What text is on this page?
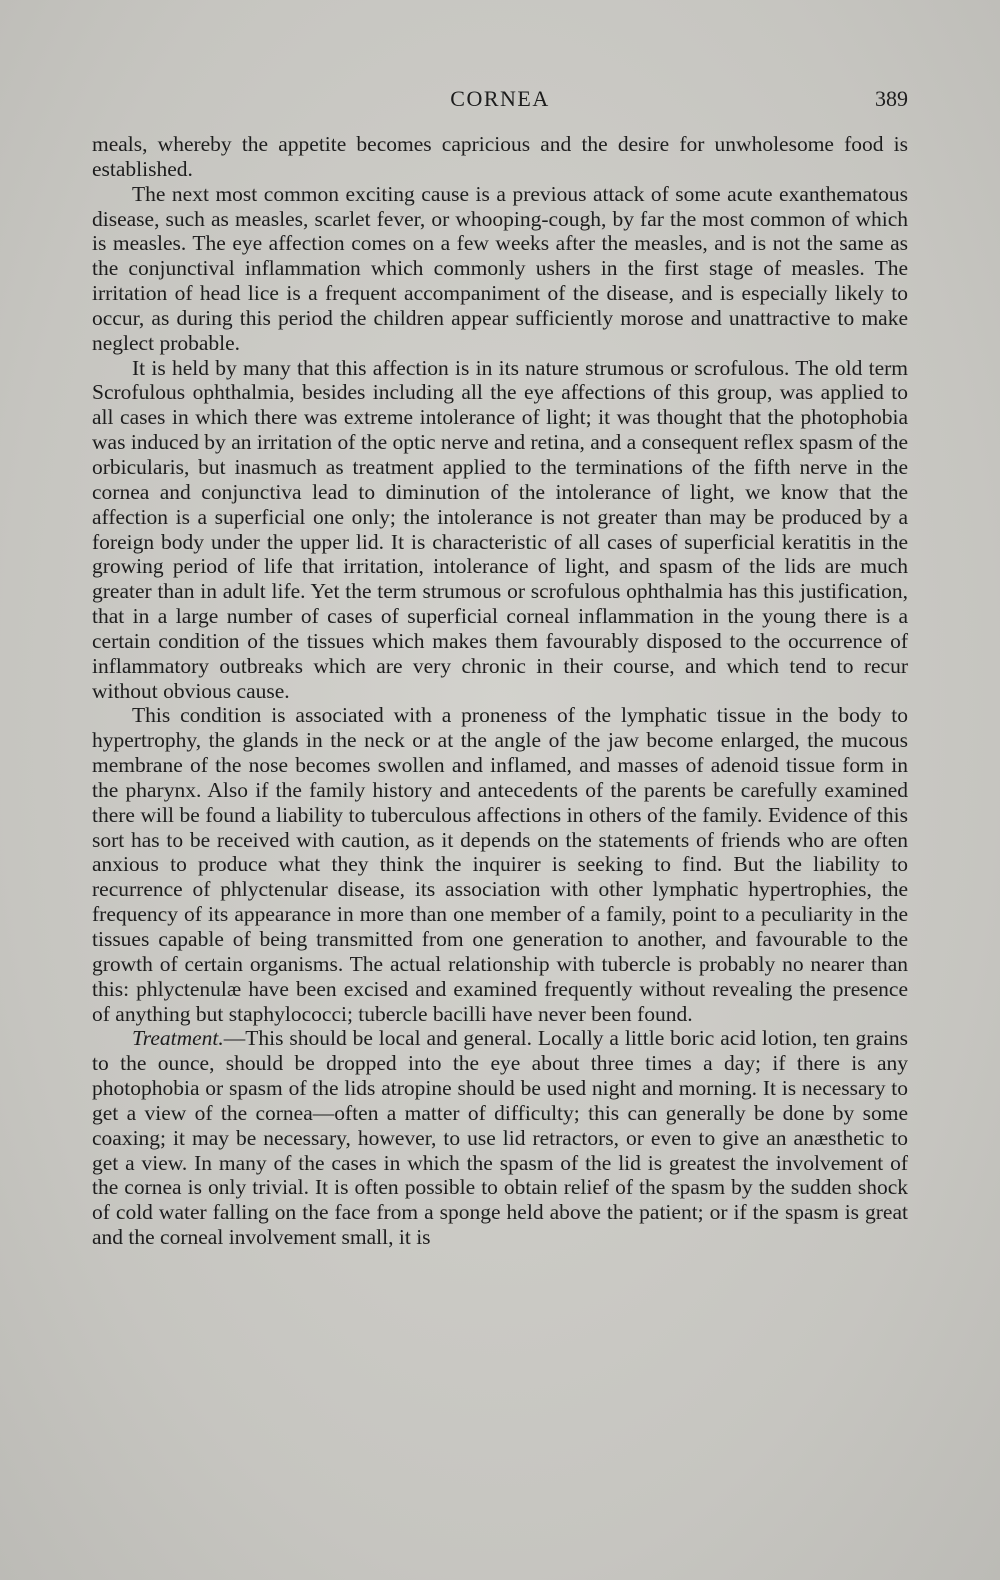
CORNEA	389

meals, whereby the appetite becomes capricious and the desire for unwholesome food is established.

The next most common exciting cause is a previous attack of some acute exanthematous disease, such as measles, scarlet fever, or whooping-cough, by far the most common of which is measles. The eye affection comes on a few weeks after the measles, and is not the same as the conjunctival inflammation which commonly ushers in the first stage of measles. The irritation of head lice is a frequent accompaniment of the disease, and is especially likely to occur, as during this period the children appear sufficiently morose and unattractive to make neglect probable.

It is held by many that this affection is in its nature strumous or scrofulous. The old term Scrofulous ophthalmia, besides including all the eye affections of this group, was applied to all cases in which there was extreme intolerance of light; it was thought that the photophobia was induced by an irritation of the optic nerve and retina, and a consequent reflex spasm of the orbicularis, but inasmuch as treatment applied to the terminations of the fifth nerve in the cornea and conjunctiva lead to diminution of the intolerance of light, we know that the affection is a superficial one only; the intolerance is not greater than may be produced by a foreign body under the upper lid. It is characteristic of all cases of superficial keratitis in the growing period of life that irritation, intolerance of light, and spasm of the lids are much greater than in adult life. Yet the term strumous or scrofulous ophthalmia has this justification, that in a large number of cases of superficial corneal inflammation in the young there is a certain condition of the tissues which makes them favourably disposed to the occurrence of inflammatory outbreaks which are very chronic in their course, and which tend to recur without obvious cause.

This condition is associated with a proneness of the lymphatic tissue in the body to hypertrophy, the glands in the neck or at the angle of the jaw become enlarged, the mucous membrane of the nose becomes swollen and inflamed, and masses of adenoid tissue form in the pharynx. Also if the family history and antecedents of the parents be carefully examined there will be found a liability to tuberculous affections in others of the family. Evidence of this sort has to be received with caution, as it depends on the statements of friends who are often anxious to produce what they think the inquirer is seeking to find. But the liability to recurrence of phlyctenular disease, its association with other lymphatic hypertrophies, the frequency of its appearance in more than one member of a family, point to a peculiarity in the tissues capable of being transmitted from one generation to another, and favourable to the growth of certain organisms. The actual relationship with tubercle is probably no nearer than this: phlyctenulæ have been excised and examined frequently without revealing the presence of anything but staphylococci; tubercle bacilli have never been found.

Treatment.—This should be local and general. Locally a little boric acid lotion, ten grains to the ounce, should be dropped into the eye about three times a day; if there is any photophobia or spasm of the lids atropine should be used night and morning. It is necessary to get a view of the cornea—often a matter of difficulty; this can generally be done by some coaxing; it may be necessary, however, to use lid retractors, or even to give an anæsthetic to get a view. In many of the cases in which the spasm of the lid is greatest the involvement of the cornea is only trivial. It is often possible to obtain relief of the spasm by the sudden shock of cold water falling on the face from a sponge held above the patient; or if the spasm is great and the corneal involvement small, it is
